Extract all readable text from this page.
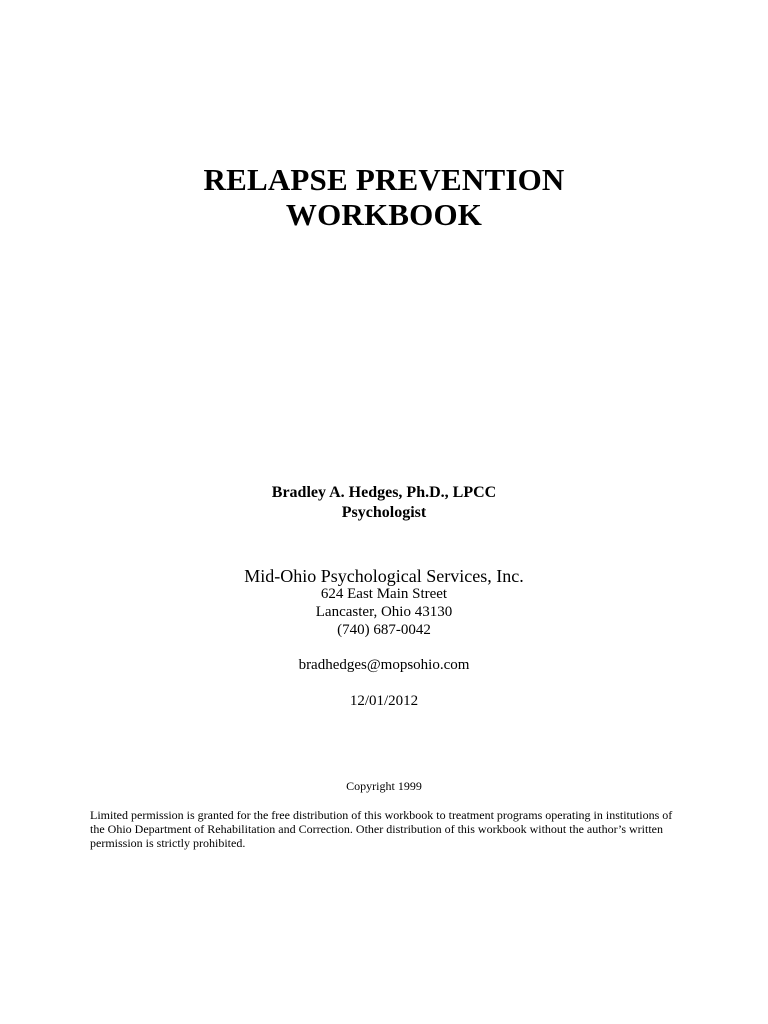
RELAPSE PREVENTION
WORKBOOK
Bradley A. Hedges, Ph.D., LPCC
Psychologist
Mid-Ohio Psychological Services, Inc.
624 East Main Street
Lancaster, Ohio 43130
(740) 687-0042
bradhedges@mopsohio.com
12/01/2012
Copyright 1999
Limited permission is granted for the free distribution of this workbook to treatment programs operating in institutions of
the Ohio Department of Rehabilitation and Correction. Other distribution of this workbook without the author’s written
permission is strictly prohibited.
